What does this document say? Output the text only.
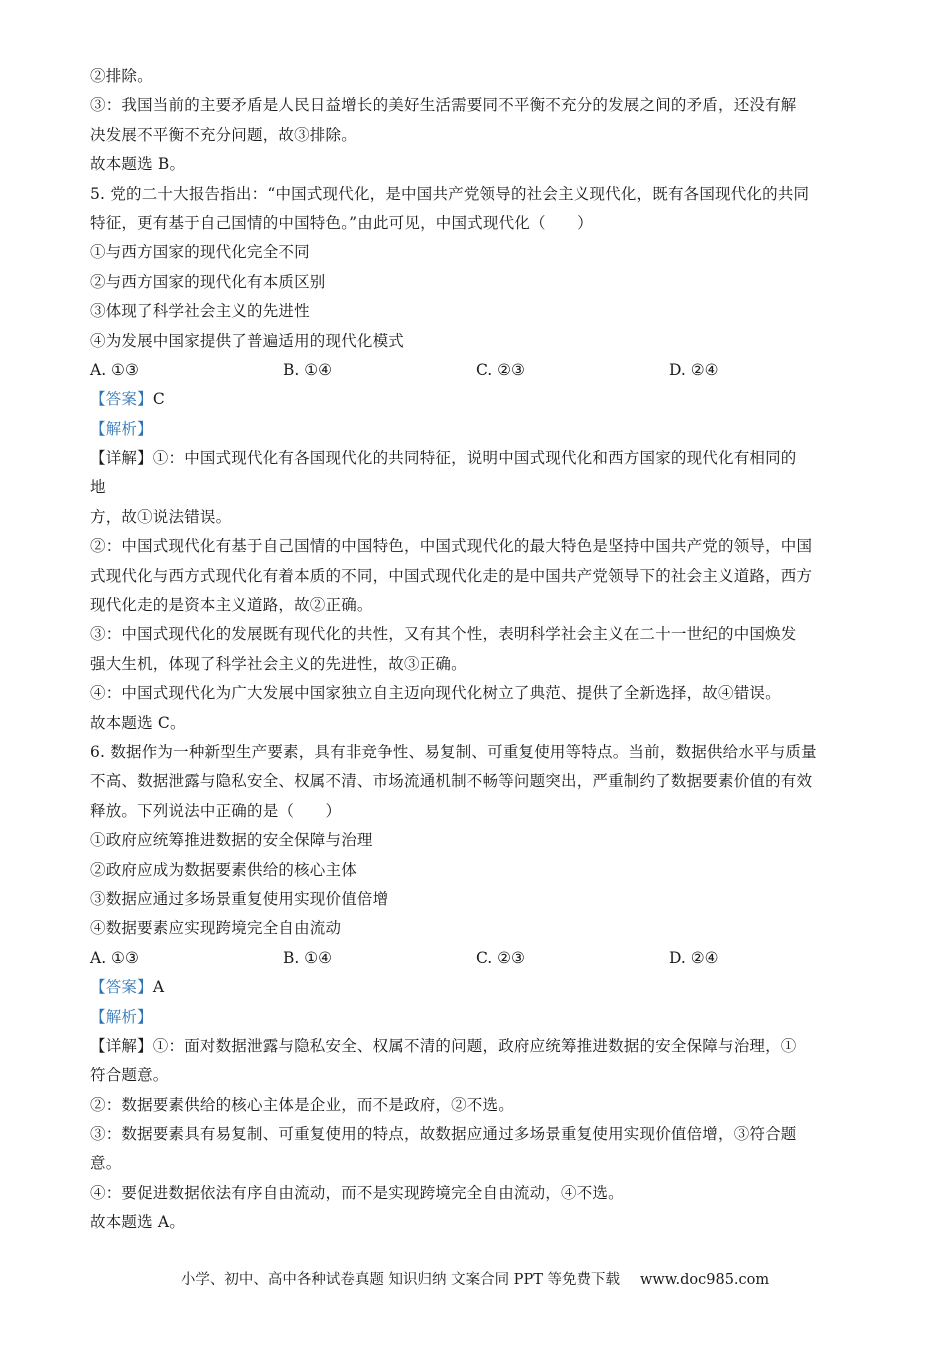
②排除。
③：我国当前的主要矛盾是人民日益增长的美好生活需要同不平衡不充分的发展之间的矛盾，还没有解
决发展不平衡不充分问题，故③排除。
故本题选 B。
5. 党的二十大报告指出：“中国式现代化，是中国共产党领导的社会主义现代化，既有各国现代化的共同
特征，更有基于自己国情的中国特色。”由此可见，中国式现代化（　　）
①与西方国家的现代化完全不同
②与西方国家的现代化有本质区别
③体现了科学社会主义的先进性
④为发展中国家提供了普遍适用的现代化模式
A. ①③	B. ①④	C. ②③	D. ②④
【答案】C
【解析】
【详解】①：中国式现代化有各国现代化的共同特征，说明中国式现代化和西方国家的现代化有相同的
地
方，故①说法错误。
②：中国式现代化有基于自己国情的中国特色，中国式现代化的最大特色是坚持中国共产党的领导，中国
式现代化与西方式现代化有着本质的不同，中国式现代化走的是中国共产党领导下的社会主义道路，西方
现代化走的是资本主义道路，故②正确。
③：中国式现代化的发展既有现代化的共性，又有其个性，表明科学社会主义在二十一世纪的中国焕发
强大生机，体现了科学社会主义的先进性，故③正确。
④：中国式现代化为广大发展中国家独立自主迈向现代化树立了典范、提供了全新选择，故④错误。
故本题选 C。
6. 数据作为一种新型生产要素，具有非竞争性、易复制、可重复使用等特点。当前，数据供给水平与质量
不高、数据泄露与隐私安全、权属不清、市场流通机制不畅等问题突出，严重制约了数据要素价值的有效
释放。下列说法中正确的是（　　）
①政府应统筹推进数据的安全保障与治理
②政府应成为数据要素供给的核心主体
③数据应通过多场景重复使用实现价值倍增
④数据要素应实现跨境完全自由流动
A. ①③	B. ①④	C. ②③	D. ②④
【答案】A
【解析】
【详解】①：面对数据泄露与隐私安全、权属不清的问题，政府应统筹推进数据的安全保障与治理，①
符合题意。
②：数据要素供给的核心主体是企业，而不是政府，②不选。
③：数据要素具有易复制、可重复使用的特点，故数据应通过多场景重复使用实现价值倍增，③符合题
意。
④：要促进数据依法有序自由流动，而不是实现跨境完全自由流动，④不选。
故本题选 A。
小学、初中、高中各种试卷真题 知识归纳 文案合同 PPT 等免费下载 www.doc985.com
